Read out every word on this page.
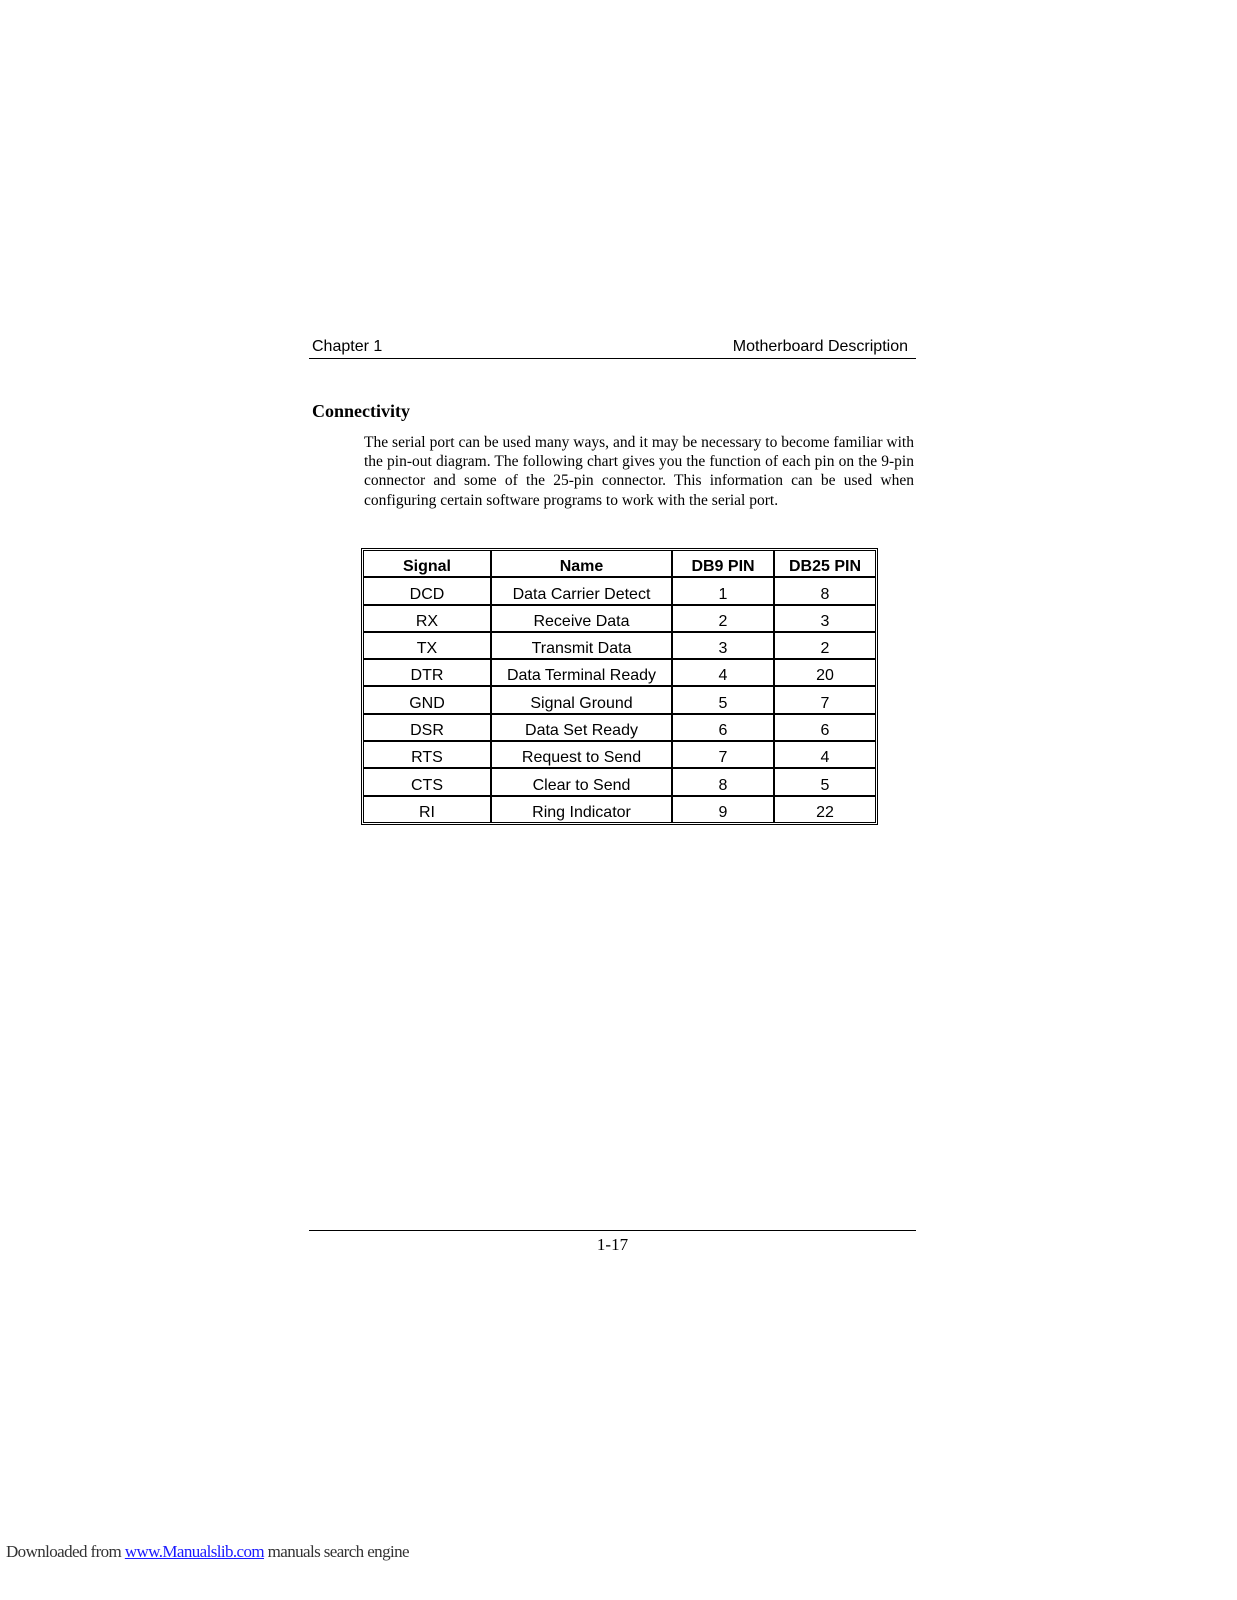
Chapter 1	Motherboard Description
Connectivity
The serial port can be used many ways, and it may be necessary to become familiar with the pin-out diagram. The following chart gives you the function of each pin on the 9-pin connector and some of the 25-pin connector. This information can be used when configuring certain software programs to work with the serial port.
Signal	Name	DB9 PIN	DB25 PIN
DCD	Data Carrier Detect	1	8
RX	Receive Data	2	3
TX	Transmit Data	3	2
DTR	Data Terminal Ready	4	20
GND	Signal Ground	5	7
DSR	Data Set Ready	6	6
RTS	Request to Send	7	4
CTS	Clear to Send	8	5
RI	Ring Indicator	9	22
1-17
Downloaded from www.Manualslib.com manuals search engine
